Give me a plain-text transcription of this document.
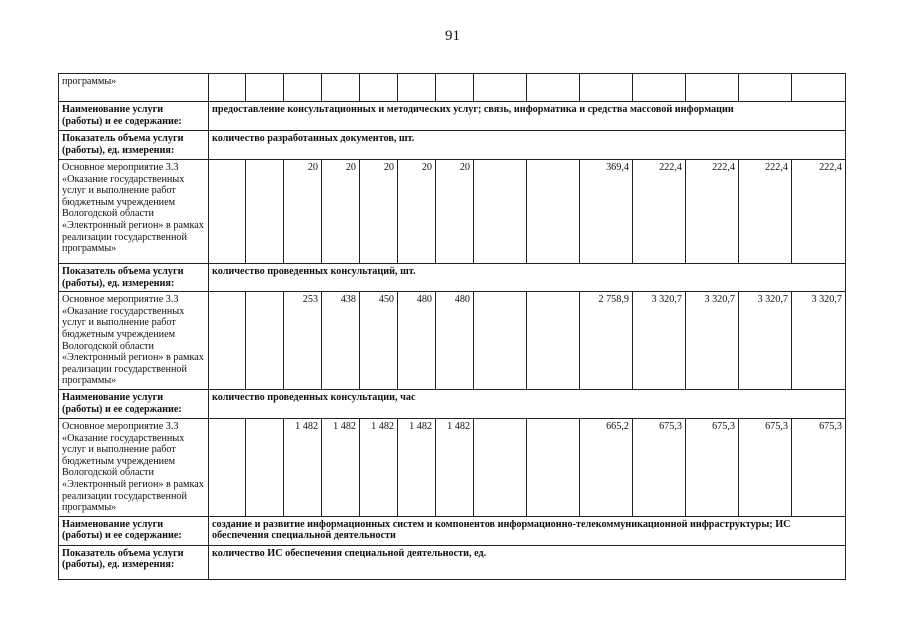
91
программы»														
Наименование услуги (работы) и ее содержание:	предоставление консультационных и методических услуг; связь, информатика и средства массовой информации													
Показатель объема услуги (работы), ед. измерения:	количество разработанных документов, шт.													
Основное мероприятие 3.3 «Оказание государственных услуг и выполнение работ бюджетным учреждением Вологодской области «Электронный регион» в рамках реализации государственной программы»			20	20	20	20	20			369,4	222,4	222,4	222,4	222,4
Показатель объема услуги (работы), ед. измерения:	количество проведенных консультаций, шт.													
Основное мероприятие 3.3 «Оказание государственных услуг и выполнение работ бюджетным учреждением Вологодской области «Электронный регион» в рамках реализации государственной программы»			253	438	450	480	480			2 758,9	3 320,7	3 320,7	3 320,7	3 320,7
Наименование услуги (работы) и ее содержание:	количество проведенных консультации, час													
Основное мероприятие 3.3 «Оказание государственных услуг и выполнение работ бюджетным учреждением Вологодской области «Электронный регион» в рамках реализации государственной программы»			1 482	1 482	1 482	1 482	1 482			665,2	675,3	675,3	675,3	675,3
Наименование услуги (работы) и ее содержание:	создание и развитие информационных систем и компонентов информационно-телекоммуникационной инфраструктуры; ИС обеспечения специальной деятельности													
Показатель объема услуги (работы), ед. измерения:	количество ИС обеспечения специальной деятельности, ед.													
